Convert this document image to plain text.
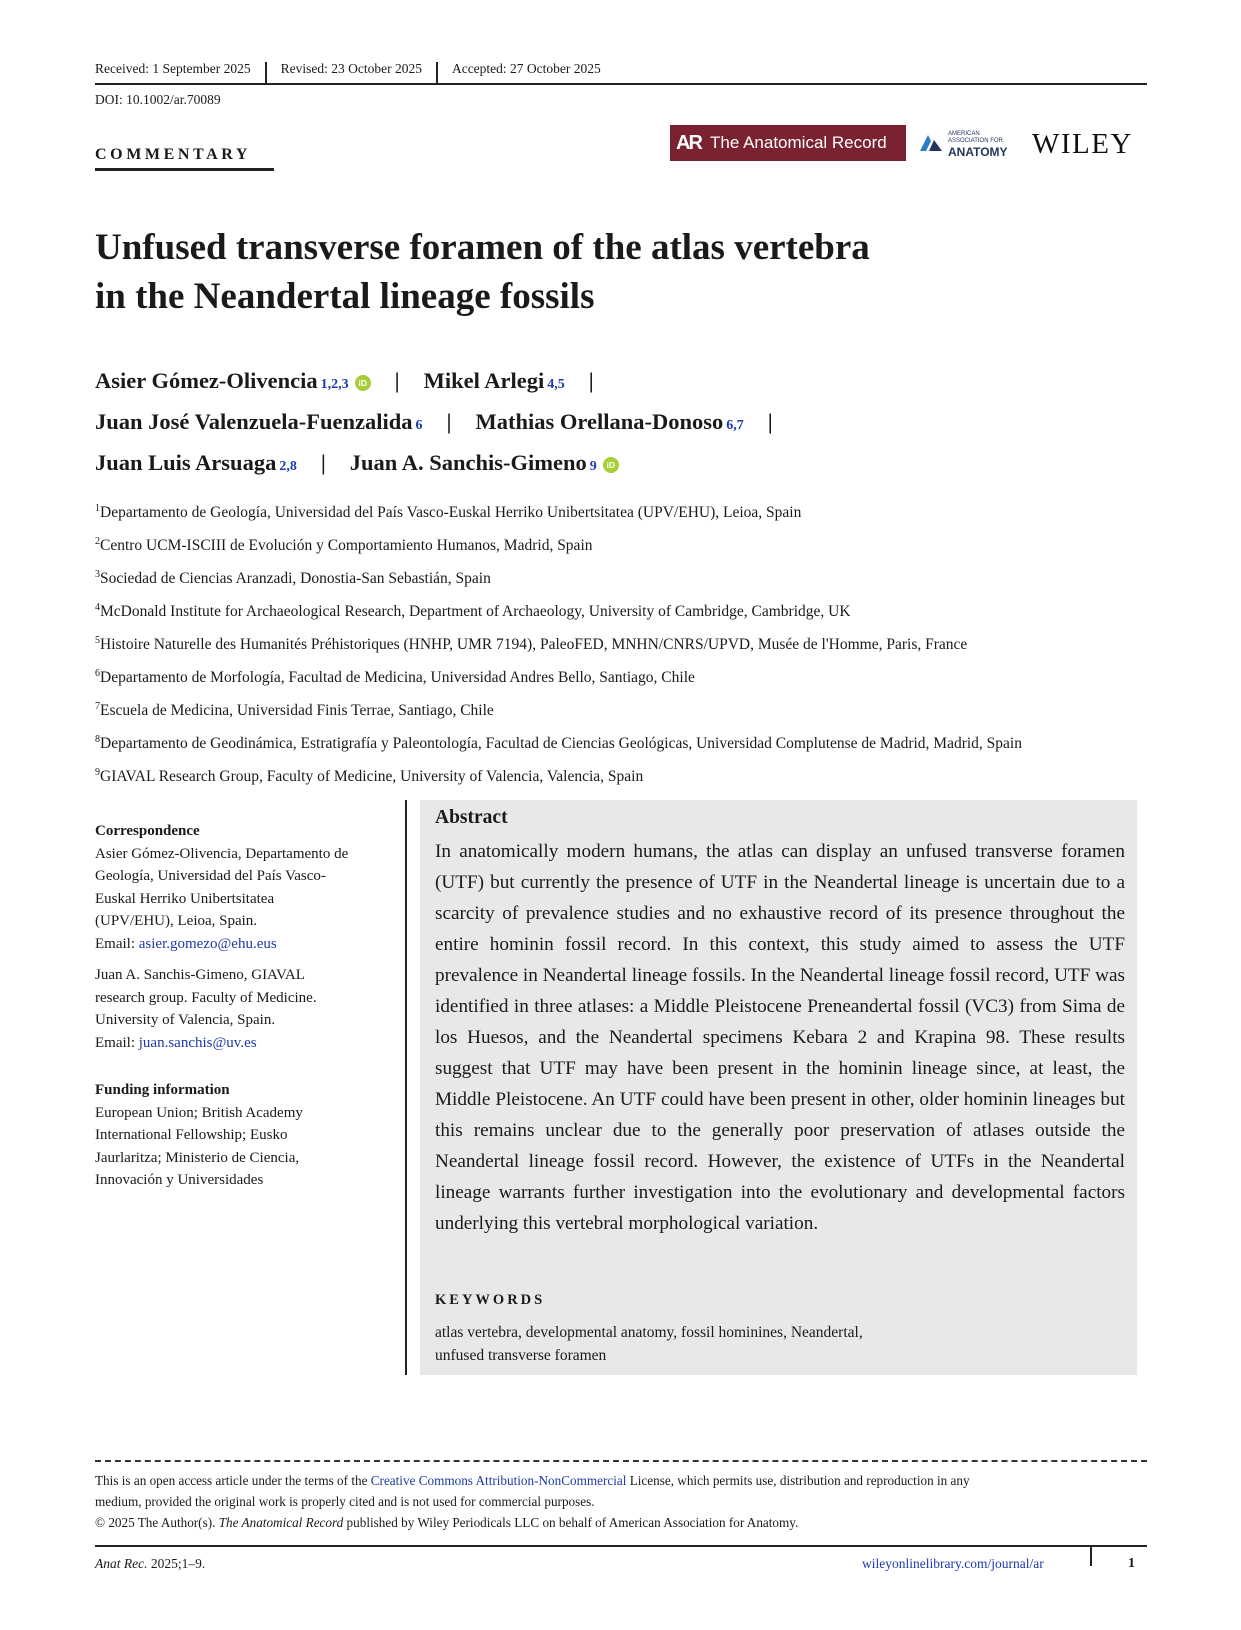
Received: 1 September 2025	Revised: 23 October 2025	Accepted: 27 October 2025
DOI: 10.1002/ar.70089
COMMENTARY
AR The Anatomical Record	AMERICAN ASSOCIATION FOR
ANATOMY WILEY
Unfused transverse foramen of the atlas vertebra
in the Neandertal lineage fossils
Asier Gómez-Olivencia 1,2,3	iD | Mikel Arlegi 4,5 |
Juan José Valenzuela-Fuenzalida 6 | Mathias Orellana-Donoso 6,7 |
Juan Luis Arsuaga 2,8 | Juan A. Sanchis-Gimeno 9	iD
$^1$Departamento de Geología, Universidad del País Vasco-Euskal Herriko Unibertsitatea (UPV/EHU), Leioa, Spain
$^2$Centro UCM-ISCIII de Evolución y Comportamiento Humanos, Madrid, Spain
$^3$Sociedad de Ciencias Aranzadi, Donostia-San Sebastián, Spain
$^4$McDonald Institute for Archaeological Research, Department of Archaeology, University of Cambridge, Cambridge, UK
$^5$Histoire Naturelle des Humanités Préhistoriques (HNHP, UMR 7194), PaleoFED, MNHN/CNRS/UPVD, Musée de l'Homme, Paris, France
$^6$Departamento de Morfología, Facultad de Medicina, Universidad Andres Bello, Santiago, Chile
$^7$Escuela de Medicina, Universidad Finis Terrae, Santiago, Chile
$^8$Departamento de Geodinámica, Estratigrafía y Paleontología, Facultad de Ciencias Geológicas, Universidad Complutense de Madrid, Madrid, Spain
$^9$GIAVAL Research Group, Faculty of Medicine, University of Valencia, Valencia, Spain
Correspondence
Asier Gómez-Olivencia, Departamento de
Geología, Universidad del País Vasco-
Euskal Herriko Unibertsitatea
(UPV/EHU), Leioa, Spain.
Email: asier.gomezo@ehu.eus
Juan A. Sanchis-Gimeno, GIAVAL
research group. Faculty of Medicine.
University of Valencia, Spain.
Email: juan.sanchis@uv.es
Funding information
European Union; British Academy
International Fellowship; Eusko
Jaurlaritza; Ministerio de Ciencia,
Innovación y Universidades
Abstract
In anatomically modern humans, the atlas can display an unfused transverse foramen (UTF) but currently the presence of UTF in the Neandertal lineage is uncertain due to a scarcity of prevalence studies and no exhaustive record of its presence throughout the entire hominin fossil record. In this context, this study aimed to assess the UTF prevalence in Neandertal lineage fossils. In the Neandertal lineage fossil record, UTF was identified in three atlases: a Middle Pleistocene Preneandertal fossil (VC3) from Sima de los Huesos, and the Neandertal specimens Kebara 2 and Krapina 98. These results suggest that UTF may have been present in the hominin lineage since, at least, the Middle Pleistocene. An UTF could have been present in other, older hominin lineages but this remains unclear due to the generally poor preservation of atlases outside the Neandertal lineage fossil record. However, the existence of UTFs in the Neandertal lineage warrants further investigation into the evolutionary and developmental factors underlying this vertebral morphological variation.
KEYWORDS
atlas vertebra, developmental anatomy, fossil hominines, Neandertal,
unfused transverse foramen
This is an open access article under the terms of the Creative Commons Attribution-NonCommercial License, which permits use, distribution and reproduction in any
medium, provided the original work is properly cited and is not used for commercial purposes.
© 2025 The Author(s). The Anatomical Record published by Wiley Periodicals LLC on behalf of American Association for Anatomy.
Anat Rec. 2025;1–9.	wileyonlinelibrary.com/journal/ar	1
